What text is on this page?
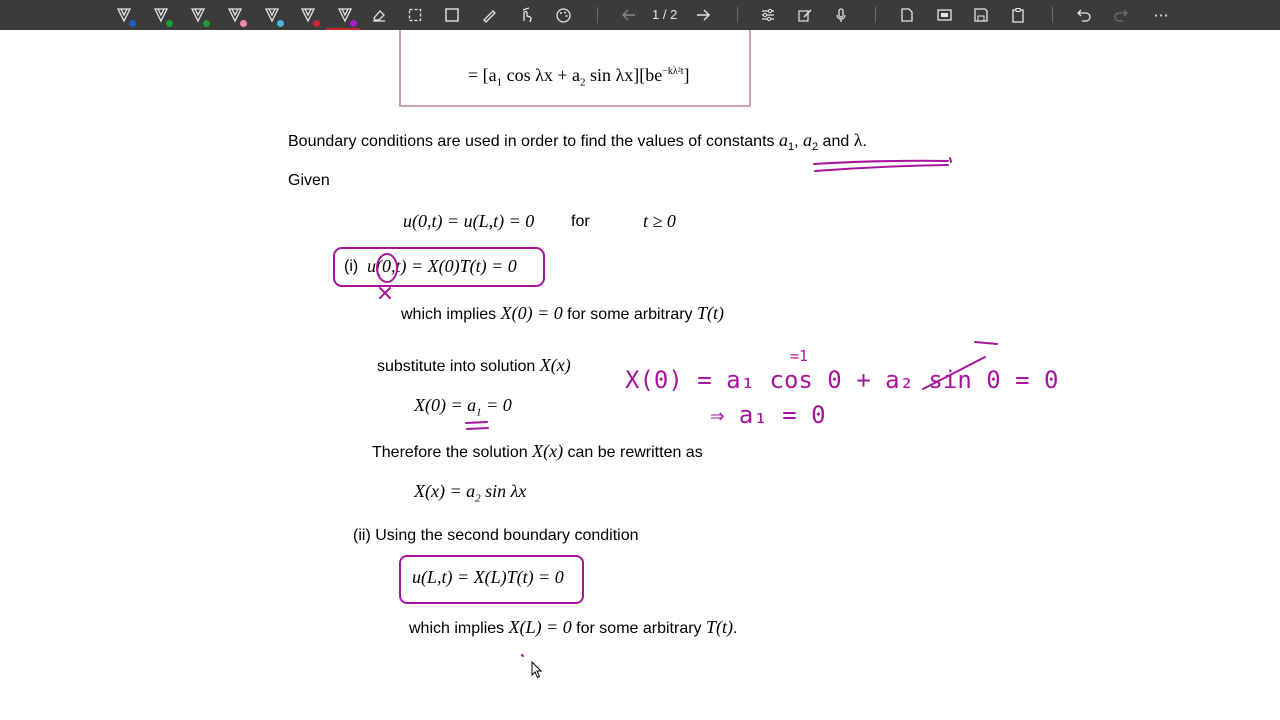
1 / 2	···
= [$a_1$ $\cos \lambda x + a_2$ $\sin \lambda x][be^{-k\lambda^2t}]$
Boundary conditions are used in order to find the values of constants $a_1$, $a_2$ and λ.
Given
u(0,t) = u(L,t) = 0 for	t ≥ 0
(i) u(0,t) = X(0)T(t) = 0
which implies X(0) = 0 for some arbitrary T(t)
substitute into solution X(x)
$X(0) = a_1 = 0$
Therefore the solution X(x) can be rewritten as
$X(x) = a_2$ sin λx
(ii) Using the second boundary condition
u(L,t) = X(L)T(t) = 0
which implies X(L) = 0 for some arbitrary T(t).
X(0) = a₁ cos 0 + a₂ sin 0 = 0
⇒ a₁ = 0
=1
